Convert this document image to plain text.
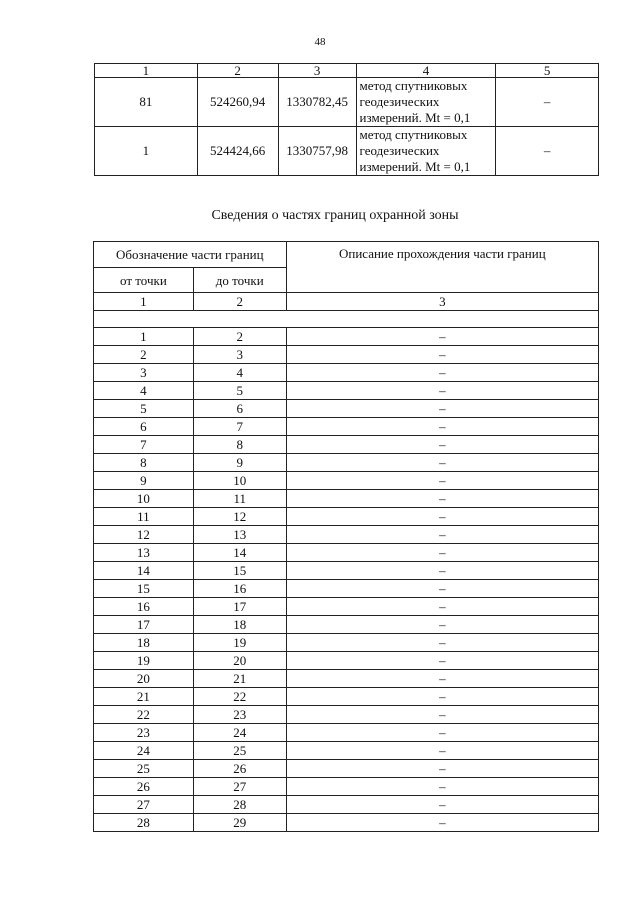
48
1	2	3	4	5
81	524260,94	1330782,45	метод спутниковых
геодезических
измерений. Mt = 0,1	–
1	524424,66	1330757,98	метод спутниковых
геодезических
измерений. Mt = 0,1	–
Сведения о частях границ охранной зоны
Обозначение части границ		Описание прохождения части границ
от точки	до точки	
1	2	3

1	2	–
2	3	–
3	4	–
4	5	–
5	6	–
6	7	–
7	8	–
8	9	–
9	10	–
10	11	–
11	12	–
12	13	–
13	14	–
14	15	–
15	16	–
16	17	–
17	18	–
18	19	–
19	20	–
20	21	–
21	22	–
22	23	–
23	24	–
24	25	–
25	26	–
26	27	–
27	28	–
28	29	–
